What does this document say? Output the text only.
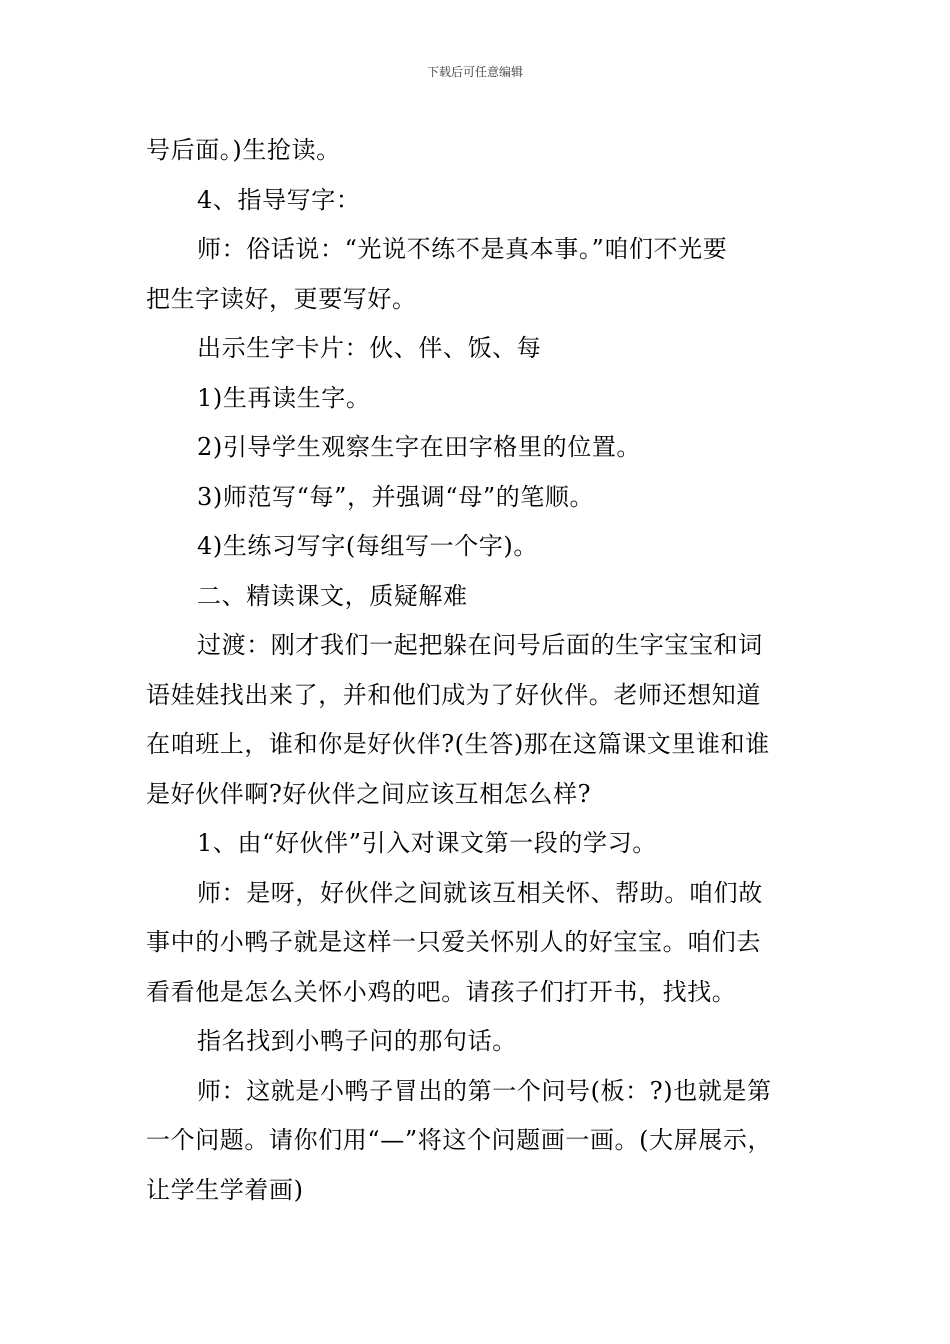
下载后可任意编辑

号后面。)生抢读。

4、指导写字：

师：俗话说：“光说不练不是真本事。”咱们不光要

把生字读好，更要写好。

出示生字卡片：伙、伴、饭、每

1)生再读生字。

2)引导学生观察生字在田字格里的位置。

3)师范写“每”，并强调“母”的笔顺。

4)生练习写字(每组写一个字)。

二、精读课文，质疑解难

过渡：刚才我们一起把躲在问号后面的生字宝宝和词

语娃娃找出来了，并和他们成为了好伙伴。老师还想知道

在咱班上，谁和你是好伙伴?(生答)那在这篇课文里谁和谁

是好伙伴啊?好伙伴之间应该互相怎么样?

1、由“好伙伴”引入对课文第一段的学习。

师：是呀，好伙伴之间就该互相关怀、帮助。咱们故

事中的小鸭子就是这样一只爱关怀别人的好宝宝。咱们去

看看他是怎么关怀小鸡的吧。请孩子们打开书，找找。

指名找到小鸭子问的那句话。

师：这就是小鸭子冒出的第一个问号(板：?)也就是第

一个问题。请你们用“—”将这个问题画一画。(大屏展示，

让学生学着画)
